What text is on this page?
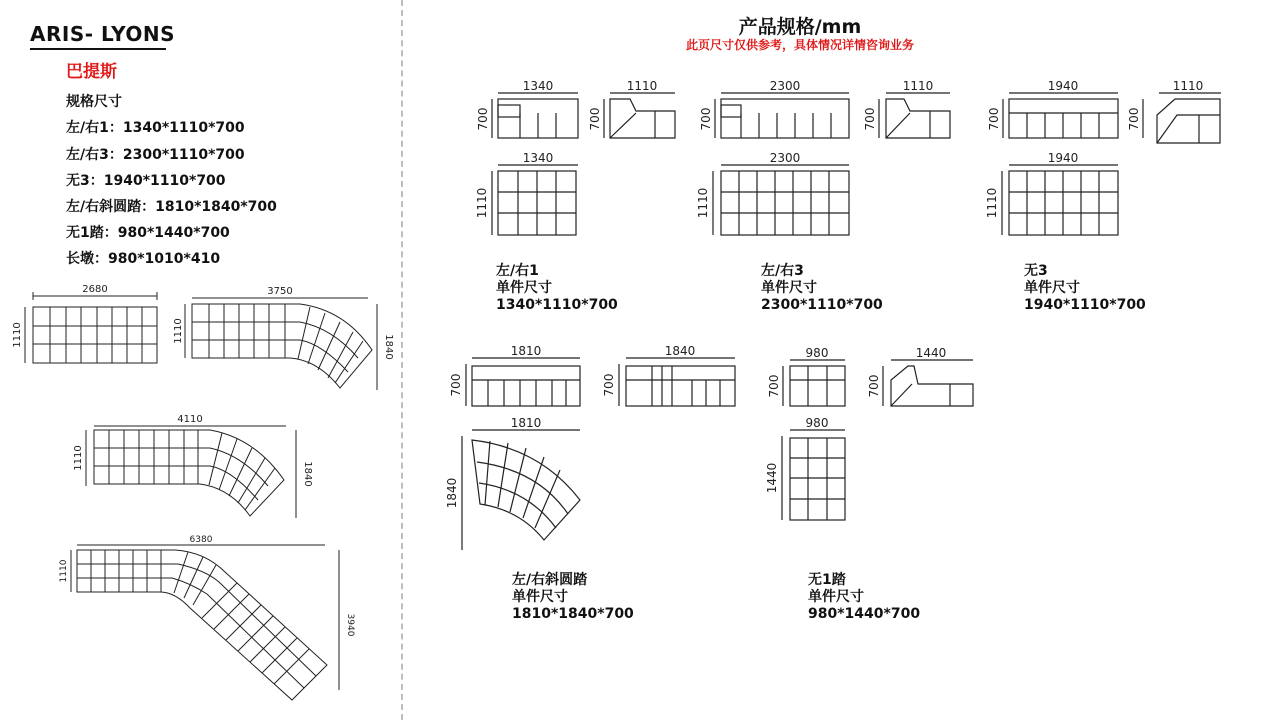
ARIS- LYONS
巴提斯
规格尺寸
左/右1：1340*1110*700
左/右3：2300*1110*700
无3：1940*1110*700
左/右斜圆踏：1810*1840*700
无1踏：980*1440*700
长墩：980*1010*410
产品规格/mm
此页尺寸仅供参考，具体情况详情咨询业务
2680
1110
3750
1110
1840
4110
1110
1840
6380
1110
3940
1340
700
1110
700
1340
1110
左/右1
单件尺寸
1340*1110*700
2300
700
1110
700
2300
1110
左/右3
单件尺寸
2300*1110*700
1940
700
1110
700
1940
1110
无3
单件尺寸
1940*1110*700
1810
700
1840
700
1810
1840
左/右斜圆踏
单件尺寸
1810*1840*700
980
700
1440
700
980
1440
无1踏
单件尺寸
980*1440*700
